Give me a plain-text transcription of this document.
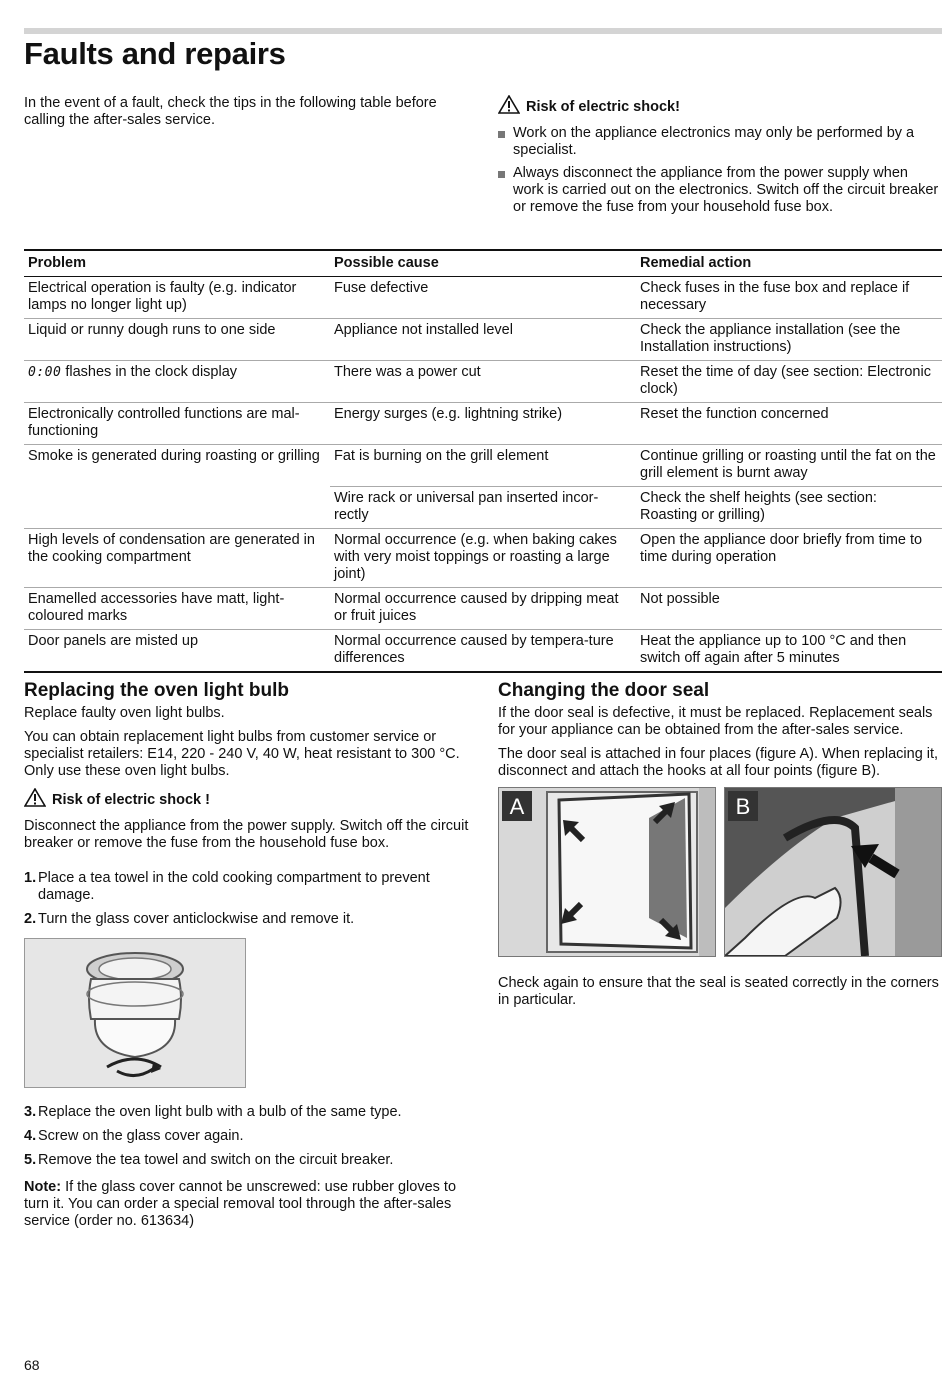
Faults and repairs
In the event of a fault, check the tips in the following table before calling the after-sales service.
Risk of electric shock!
Work on the appliance electronics may only be performed by a specialist.
Always disconnect the appliance from the power supply when work is carried out on the electronics. Switch off the circuit breaker or remove the fuse from your household fuse box.
Problem	Possible cause	Remedial action
Electrical operation is faulty (e.g. indicator lamps no longer light up)	Fuse defective	Check fuses in the fuse box and replace if necessary
Liquid or runny dough runs to one side	Appliance not installed level	Check the appliance installation (see the Installation instructions)
0:00 flashes in the clock display	There was a power cut	Reset the time of day (see section: Electronic clock)
Electronically controlled functions are mal-functioning	Energy surges (e.g. lightning strike)	Reset the function concerned
Smoke is generated during roasting or grilling	Fat is burning on the grill element	Continue grilling or roasting until the fat on the grill element is burnt away
	Wire rack or universal pan inserted incor-rectly	Check the shelf heights (see section: Roasting or grilling)
High levels of condensation are generated in the cooking compartment	Normal occurrence (e.g. when baking cakes with very moist toppings or roasting a large joint)	Open the appliance door briefly from time to time during operation
Enamelled accessories have matt, light-coloured marks	Normal occurrence caused by dripping meat or fruit juices	Not possible
Door panels are misted up	Normal occurrence caused by tempera-ture differences	Heat the appliance up to 100 °C and then switch off again after 5 minutes
Replacing the oven light bulb

Replace faulty oven light bulbs.

You can obtain replacement light bulbs from customer service or specialist retailers: E14, 220 - 240 V, 40 W, heat resistant to 300 °C. Only use these oven light bulbs.

Risk of electric shock !

Disconnect the appliance from the power supply. Switch off the circuit breaker or remove the fuse from the household fuse box.

1. Place a tea towel in the cold cooking compartment to prevent damage.
2. Turn the glass cover anticlockwise and remove it.
3. Replace the oven light bulb with a bulb of the same type.
4. Screw on the glass cover again.
5. Remove the tea towel and switch on the circuit breaker.

Note: If the glass cover cannot be unscrewed: use rubber gloves to turn it. You can order a special removal tool through the after-sales service (order no. 613634)

Changing the door seal

If the door seal is defective, it must be replaced. Replacement seals for your appliance can be obtained from the after-sales service.

The door seal is attached in four places (figure A). When replacing it, disconnect and attach the hooks at all four points (figure B).

A	B

Check again to ensure that the seal is seated correctly in the corners in particular.

68
